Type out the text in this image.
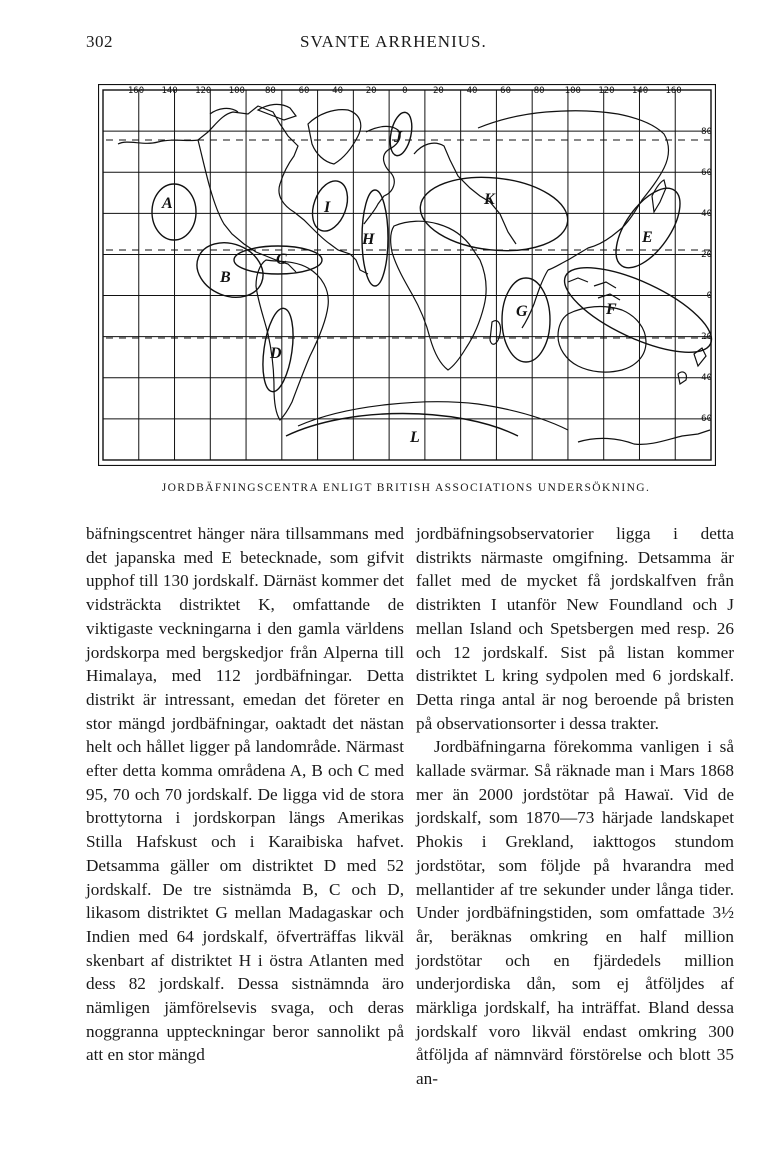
302	SVANTE ARRHENIUS.
160 140 120 100 80	60	40	20	0	20	40	60	80 100 120 140 160
80
60
40
20
0
20
40
60
A
B
C
D
E
F
G
H
I
J
K
L
JORDBÄFNINGSCENTRA ENLIGT BRITISH ASSOCIATIONS UNDERSÖKNING.

bäfningscentret hänger nära tillsammans med det japanska med E betecknade, som gifvit upphof till 130 jordskalf. Därnäst kommer det vidsträckta distriktet K, omfattande de viktigaste veckningarna i den gamla världens jordskorpa med bergskedjor från Alperna till Himalaya, med 112 jordbäfningar. Detta distrikt är intressant, emedan det företer en stor mängd jordbäfningar, oaktadt det nästan helt och hållet ligger på landområde. Närmast efter detta komma områdena A, B och C med 95, 70 och 70 jordskalf. De ligga vid de stora brottytorna i jordskorpan längs Amerikas Stilla Hafskust och i Karaibiska hafvet. Detsamma gäller om distriktet D med 52 jordskalf. De tre sistnämda B, C och D, likasom distriktet G mellan Madagaskar och Indien med 64 jordskalf, öfverträffas likväl skenbart af distriktet H i östra Atlanten med dess 82 jordskalf. Dessa sistnämnda äro nämligen jämförelsevis svaga, och deras noggranna uppteckningar beror sannolikt på att en stor mängd

jordbäfningsobservatorier ligga i detta distrikts närmaste omgifning. Detsamma är fallet med de mycket få jordskalfven från distrikten I utanför New Foundland och J mellan Island och Spetsbergen med resp. 26 och 12 jordskalf. Sist på listan kommer distriktet L kring sydpolen med 6 jordskalf. Detta ringa antal är nog beroende på bristen på observationsorter i dessa trakter.

Jordbäfningarna förekomma vanligen i så kallade svärmar. Så räknade man i Mars 1868 mer än 2000 jordstötar på Hawaï. Vid de jordskalf, som 1870—73 härjade landskapet Phokis i Grekland, iakttogos stundom jordstötar, som följde på hvarandra med mellantider af tre sekunder under långa tider. Under jordbäfningstiden, som omfattade 3½ år, beräknas omkring en half million jordstötar och en fjärdedels million underjordiska dån, som ej åtföljdes af märkliga jordskalf, ha inträffat. Bland dessa jordskalf voro likväl endast omkring 300 åtföljda af nämnvärd förstörelse och blott 35 an-
